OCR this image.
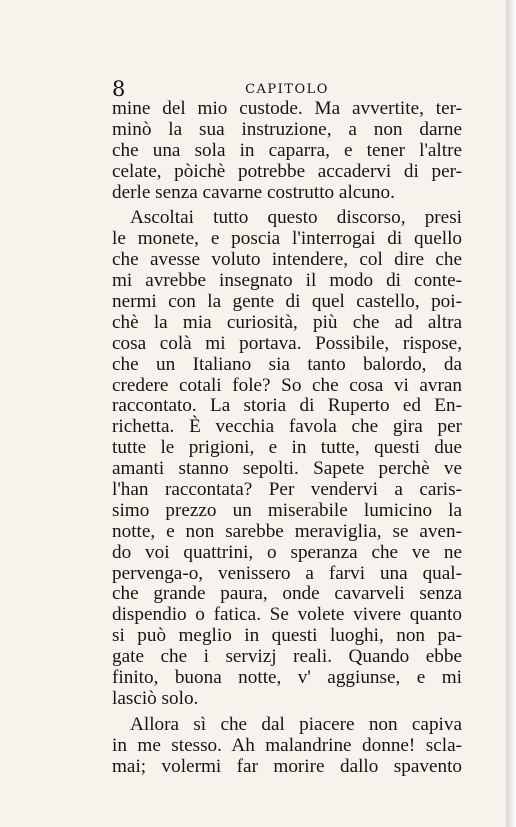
8	CAPITOLO
mine del mio custode. Ma avvertite, ter-
minò la sua instruzione, a non darne
che una sola in caparra, e tener l'altre
celate, pòichè potrebbe accadervi di per-
derle senza cavarne costrutto alcuno.
Ascoltai tutto questo discorso, presi
le monete, e poscia l'interrogai di quello
che avesse voluto intendere, col dire che
mi avrebbe insegnato il modo di conte-
nermi con la gente di quel castello, poi-
chè la mia curiosità, più che ad altra
cosa colà mi portava. Possibile, rispose,
che un Italiano sia tanto balordo, da
credere cotali fole? So che cosa vi avran
raccontato. La storia di Ruperto ed En-
richetta. È vecchia favola che gira per
tutte le prigioni, e in tutte, questi due
amanti stanno sepolti. Sapete perchè ve
l'han raccontata? Per vendervi a caris-
simo prezzo un miserabile lumicino la
notte, e non sarebbe meraviglia, se aven-
do voi quattrini, o speranza che ve ne
pervenga-o, venissero a farvi una qual-
che grande paura, onde cavarveli senza
dispendio o fatica. Se volete vivere quanto
si può meglio in questi luoghi, non pa-
gate che i servizj reali. Quando ebbe
finito, buona notte, v' aggiunse, e mi
lasciò solo.
Allora sì che dal piacere non capiva
in me stesso. Ah malandrine donne! scla-
mai; volermi far morire dallo spavento
